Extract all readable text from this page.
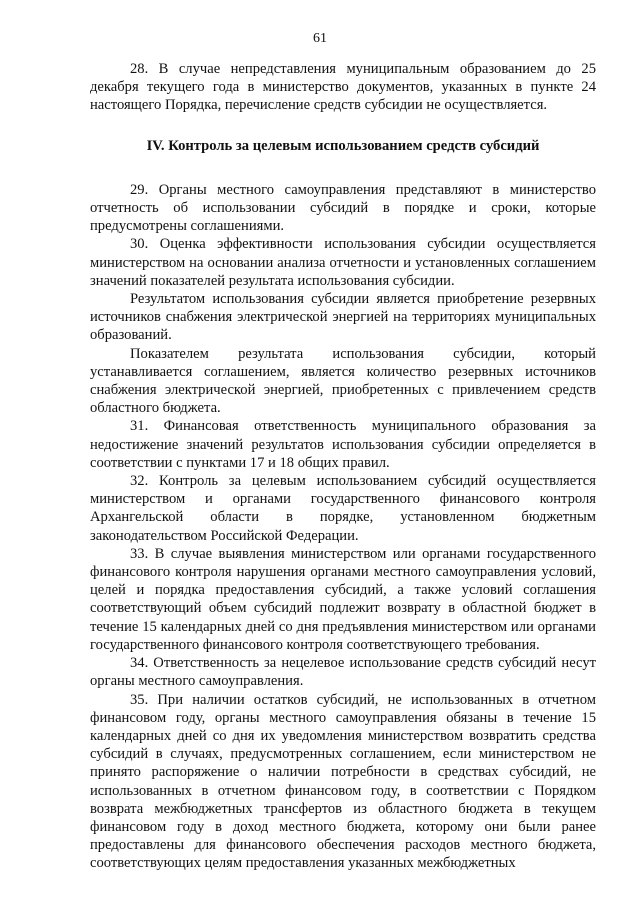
61

28. В случае непредставления муниципальным образованием до 25 декабря текущего года в министерство документов, указанных в пункте 24 настоящего Порядка, перечисление средств субсидии не осуществляется.

IV. Контроль за целевым использованием средств субсидий

29. Органы местного самоуправления представляют в министерство отчетность об использовании субсидий в порядке и сроки, которые предусмотрены соглашениями.

30. Оценка эффективности использования субсидии осуществляется министерством на основании анализа отчетности и установленных соглашением значений показателей результата использования субсидии.

Результатом использования субсидии является приобретение резервных источников снабжения электрической энергией на территориях муниципальных образований.

Показателем результата использования субсидии, который устанавливается соглашением, является количество резервных источников снабжения электрической энергией, приобретенных с привлечением средств областного бюджета.

31. Финансовая ответственность муниципального образования за недостижение значений результатов использования субсидии определяется в соответствии с пунктами 17 и 18 общих правил.

32. Контроль за целевым использованием субсидий осуществляется министерством и органами государственного финансового контроля Архангельской области в порядке, установленном бюджетным законодательством Российской Федерации.

33. В случае выявления министерством или органами государственного финансового контроля нарушения органами местного самоуправления условий, целей и порядка предоставления субсидий, а также условий соглашения соответствующий объем субсидий подлежит возврату в областной бюджет в течение 15 календарных дней со дня предъявления министерством или органами государственного финансового контроля соответствующего требования.

34. Ответственность за нецелевое использование средств субсидий несут органы местного самоуправления.

35. При наличии остатков субсидий, не использованных в отчетном финансовом году, органы местного самоуправления обязаны в течение 15 календарных дней со дня их уведомления министерством возвратить средства субсидий в случаях, предусмотренных соглашением, если министерством не принято распоряжение о наличии потребности в средствах субсидий, не использованных в отчетном финансовом году, в соответствии с Порядком возврата межбюджетных трансфертов из областного бюджета в текущем финансовом году в доход местного бюджета, которому они были ранее предоставлены для финансового обеспечения расходов местного бюджета, соответствующих целям предоставления указанных межбюджетных
